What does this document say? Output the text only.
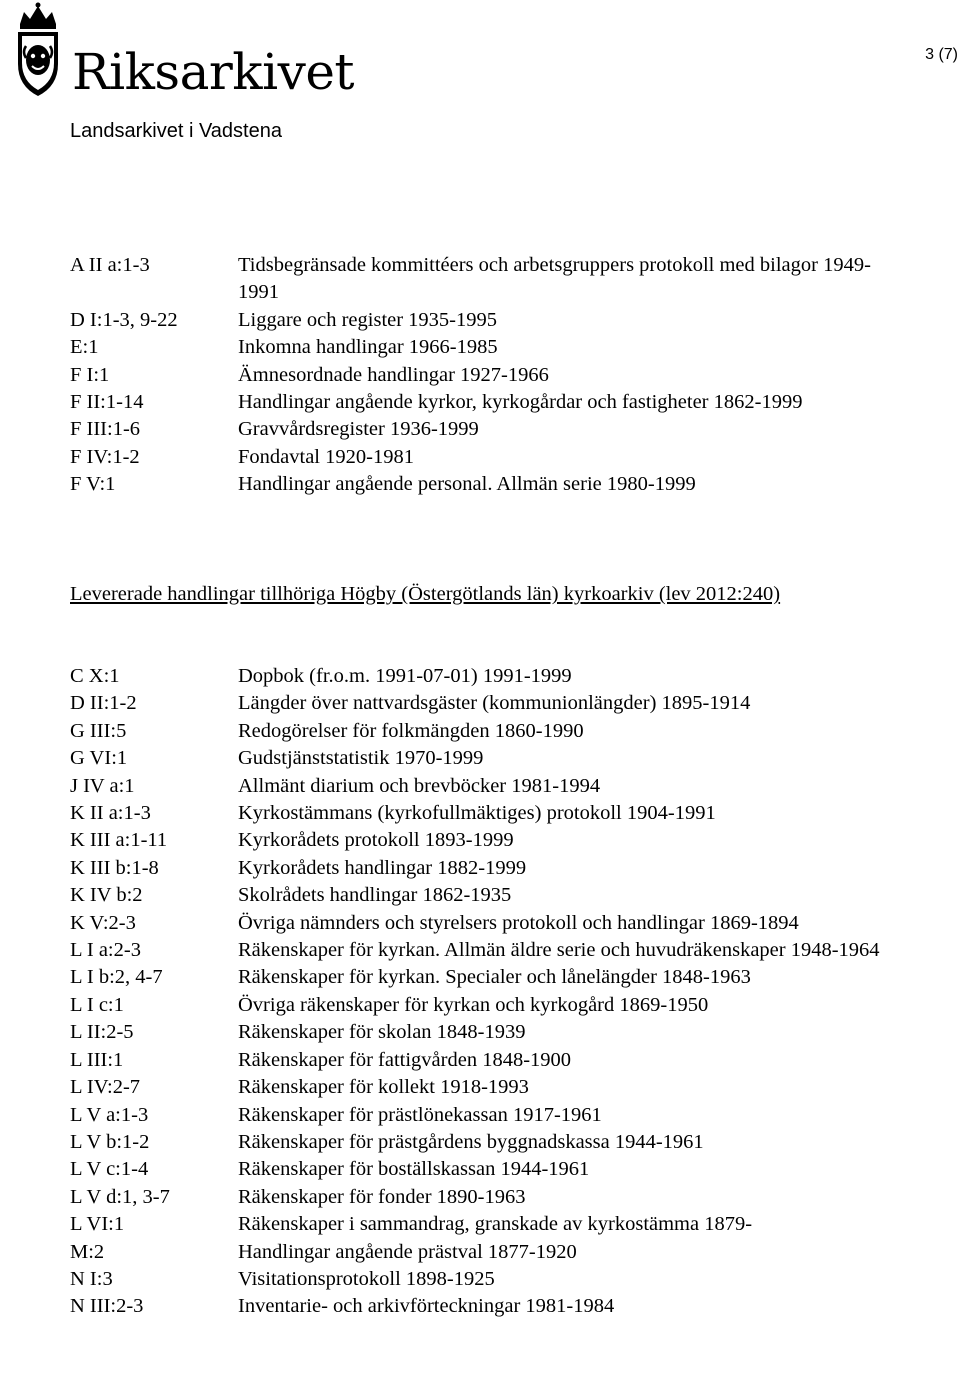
Riksarkivet
Landsarkivet i Vadstena
3 (7)
A II a:1-3	Tidsbegränsade kommittéers och arbetsgruppers protokoll med bilagor 1949-1991
D I:1-3, 9-22	Liggare och register 1935-1995
E:1	Inkomna handlingar 1966-1985
F I:1	Ämnesordnade handlingar 1927-1966
F II:1-14	Handlingar angående kyrkor, kyrkogårdar och fastigheter 1862-1999
F III:1-6	Gravvårdsregister 1936-1999
F IV:1-2	Fondavtal 1920-1981
F V:1	Handlingar angående personal. Allmän serie 1980-1999
Levererade handlingar tillhöriga Högby (Östergötlands län) kyrkoarkiv (lev 2012:240)
C X:1	Dopbok (fr.o.m. 1991-07-01) 1991-1999
D II:1-2	Längder över nattvardsgäster (kommunionlängder) 1895-1914
G III:5	Redogörelser för folkmängden 1860-1990
G VI:1	Gudstjänststatistik 1970-1999
J IV a:1	Allmänt diarium och brevböcker 1981-1994
K II a:1-3	Kyrkostämmans (kyrkofullmäktiges) protokoll 1904-1991
K III a:1-11	Kyrkorådets protokoll 1893-1999
K III b:1-8	Kyrkorådets handlingar 1882-1999
K IV b:2	Skolrådets handlingar 1862-1935
K V:2-3	Övriga nämnders och styrelsers protokoll och handlingar 1869-1894
L I a:2-3	Räkenskaper för kyrkan. Allmän äldre serie och huvudräkenskaper 1948-1964
L I b:2, 4-7	Räkenskaper för kyrkan. Specialer och lånelängder 1848-1963
L I c:1	Övriga räkenskaper för kyrkan och kyrkogård 1869-1950
L II:2-5	Räkenskaper för skolan 1848-1939
L III:1	Räkenskaper för fattigvården 1848-1900
L IV:2-7	Räkenskaper för kollekt 1918-1993
L V a:1-3	Räkenskaper för prästlönekassan 1917-1961
L V b:1-2	Räkenskaper för prästgårdens byggnadskassa 1944-1961
L V c:1-4	Räkenskaper för boställskassan 1944-1961
L V d:1, 3-7	Räkenskaper för fonder 1890-1963
L VI:1	Räkenskaper i sammandrag, granskade av kyrkostämma 1879-
M:2	Handlingar angående prästval 1877-1920
N I:3	Visitationsprotokoll 1898-1925
N III:2-3	Inventarie- och arkivförteckningar 1981-1984
